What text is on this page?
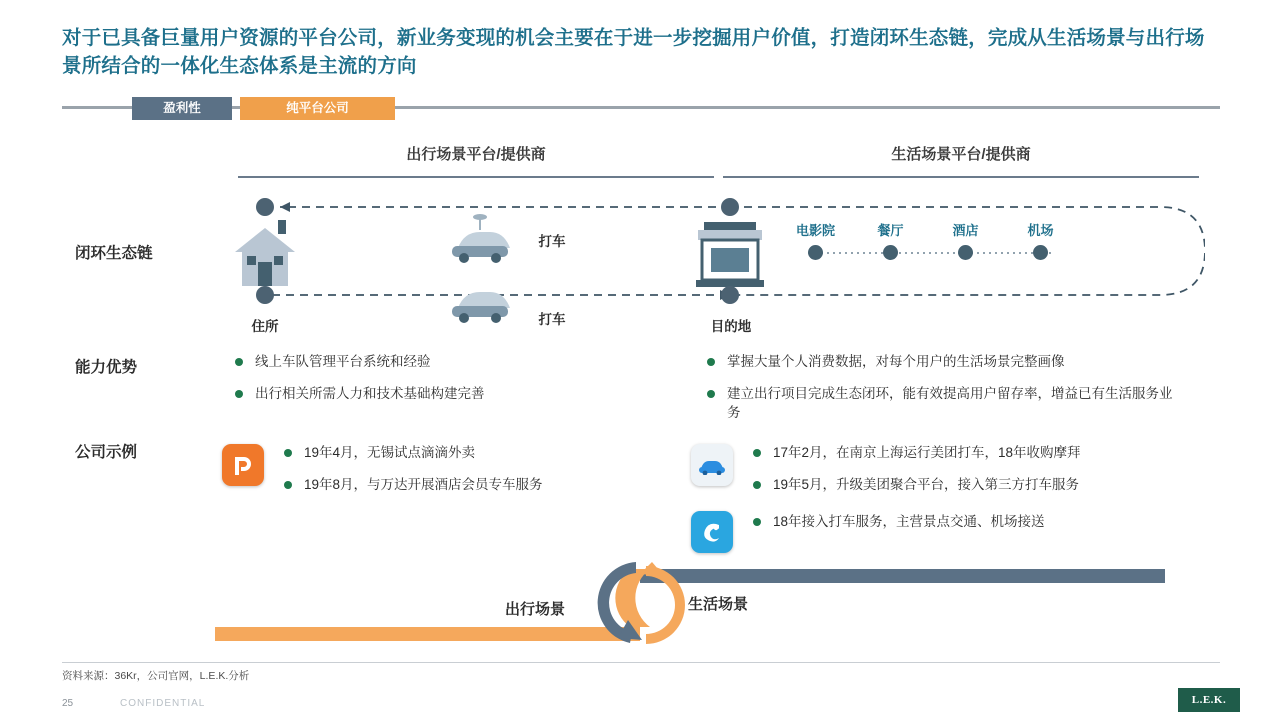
对于已具备巨量用户资源的平台公司，新业务变现的机会主要在于进一步挖掘用户价值，打造闭环生态链，完成从生活场景与出行场景所结合的一体化生态体系是主流的方向
盈利性	纯平台公司
出行场景平台/提供商	生活场景平台/提供商
闭环生态链
能力优势
公司示例
电影院	餐厅	酒店	机场
住所
打车
打车	目的地
线上车队管理平台系统和经验
出行相关所需人力和技术基础构建完善
掌握大量个人消费数据，对每个用户的生活场景完整画像
建立出行项目完成生态闭环，能有效提高用户留存率，增益已有生活服务业务
19年4月，无锡试点滴滴外卖
19年8月，与万达开展酒店会员专车服务
17年2月，在南京上海运行美团打车，18年收购摩拜
19年5月，升级美团聚合平台，接入第三方打车服务
18年接入打车服务，主营景点交通、机场接送
出行场景	生活场景
资料来源：36Kr，公司官网，L.E.K.分析
25	CONFIDENTIAL	L.E.K.
